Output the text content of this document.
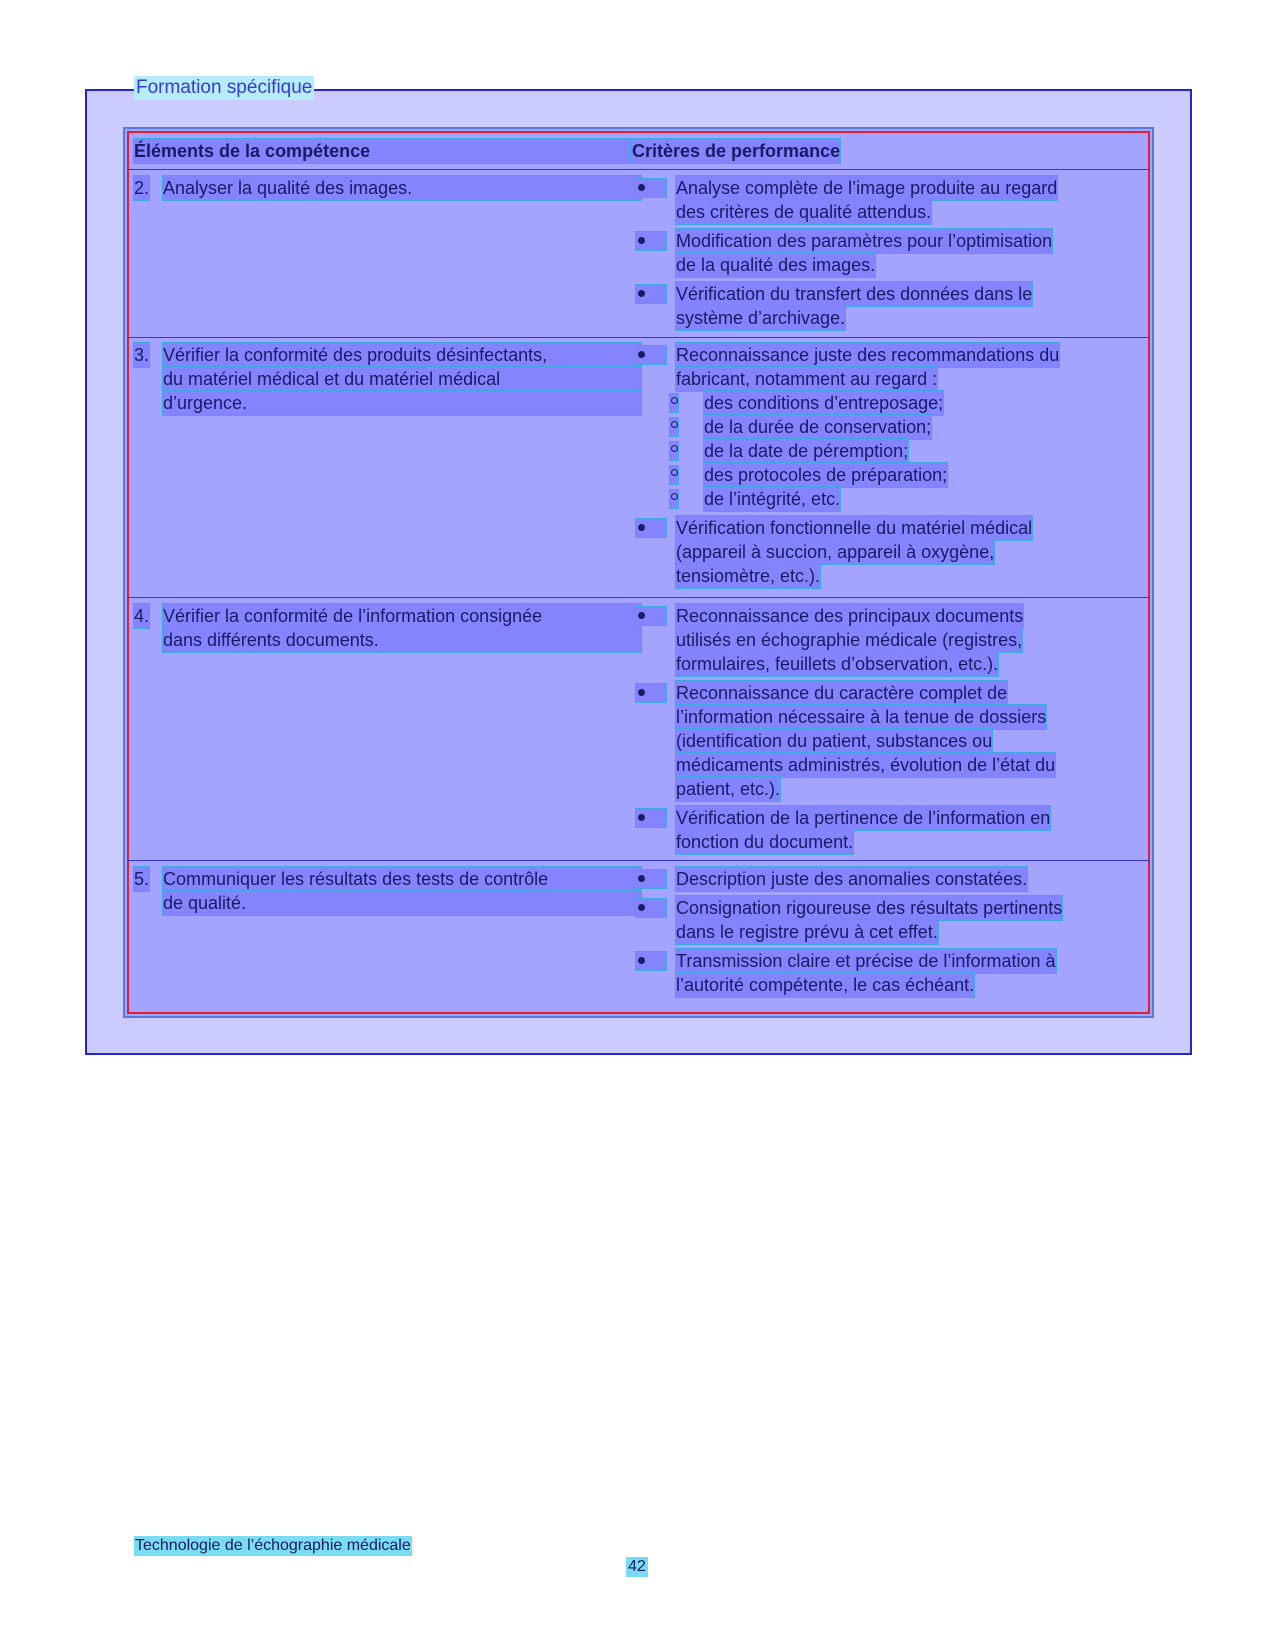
Formation spécifique
Éléments de la compétence	Critères de performance
2. Analyser la qualité des images.	Analyse complète de l’image produite au regard
des critères de qualité attendus.
Modification des paramètres pour l’optimisation
de la qualité des images.
Vérification du transfert des données dans le
système d’archivage.
3. Vérifier la conformité des produits désinfectants,
du matériel médical et du matériel médical
d’urgence.
Reconnaissance juste des recommandations du
fabricant, notamment au regard :
des conditions d’entreposage;
de la durée de conservation;
de la date de péremption;
des protocoles de préparation;
de l’intégrité, etc.
Vérification fonctionnelle du matériel médical
(appareil à succion, appareil à oxygène,
tensiomètre, etc.).
4. Vérifier la conformité de l’information consignée
dans différents documents.
Reconnaissance des principaux documents
utilisés en échographie médicale (registres,
formulaires, feuillets d’observation, etc.).
Reconnaissance du caractère complet de
l’information nécessaire à la tenue de dossiers
(identification du patient, substances ou
médicaments administrés, évolution de l’état du
patient, etc.).
Vérification de la pertinence de l’information en
fonction du document.
5. Communiquer les résultats des tests de contrôle
de qualité.
Description juste des anomalies constatées.
Consignation rigoureuse des résultats pertinents
dans le registre prévu à cet effet.
Transmission claire et précise de l’information à
l’autorité compétente, le cas échéant.
Technologie de l’échographie médicale
42
